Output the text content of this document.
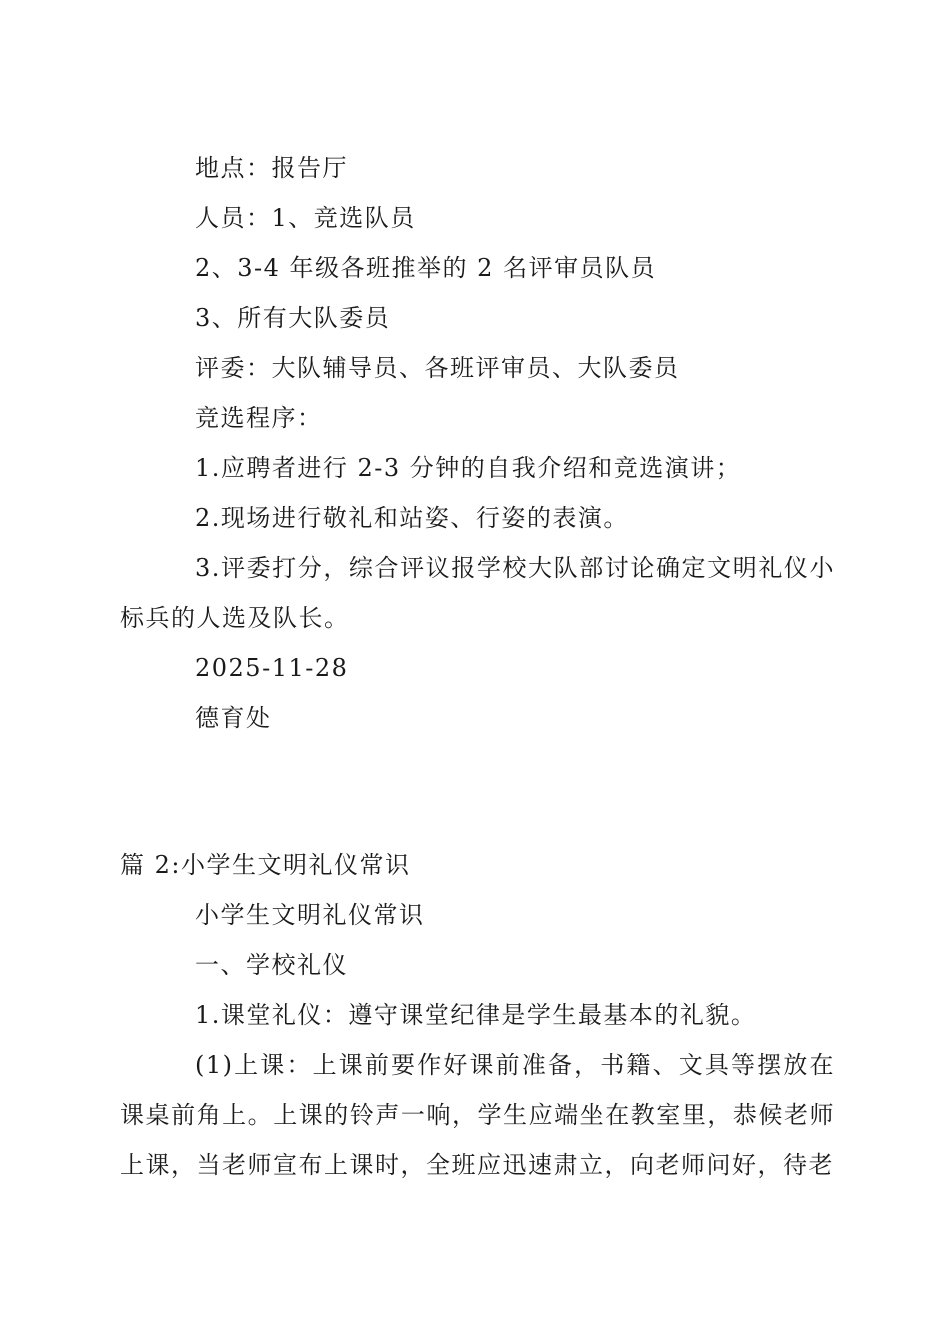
地点：报告厅
人员：1、竞选队员
2、3-4 年级各班推举的 2 名评审员队员
3、所有大队委员
评委：大队辅导员、各班评审员、大队委员
竞选程序：
1.应聘者进行 2-3 分钟的自我介绍和竞选演讲；
2.现场进行敬礼和站姿、行姿的表演。
3.评委打分，综合评议报学校大队部讨论确定文明礼仪小标兵的人选及队长。
2025-11-28
德育处
篇 2:小学生文明礼仪常识
小学生文明礼仪常识
一、学校礼仪
1.课堂礼仪：遵守课堂纪律是学生最基本的礼貌。
(1)上课：上课前要作好课前准备，书籍、文具等摆放在课桌前角上。上课的铃声一响，学生应端坐在教室里，恭候老师上课，当老师宣布上课时，全班应迅速肃立，向老师问好，待老
